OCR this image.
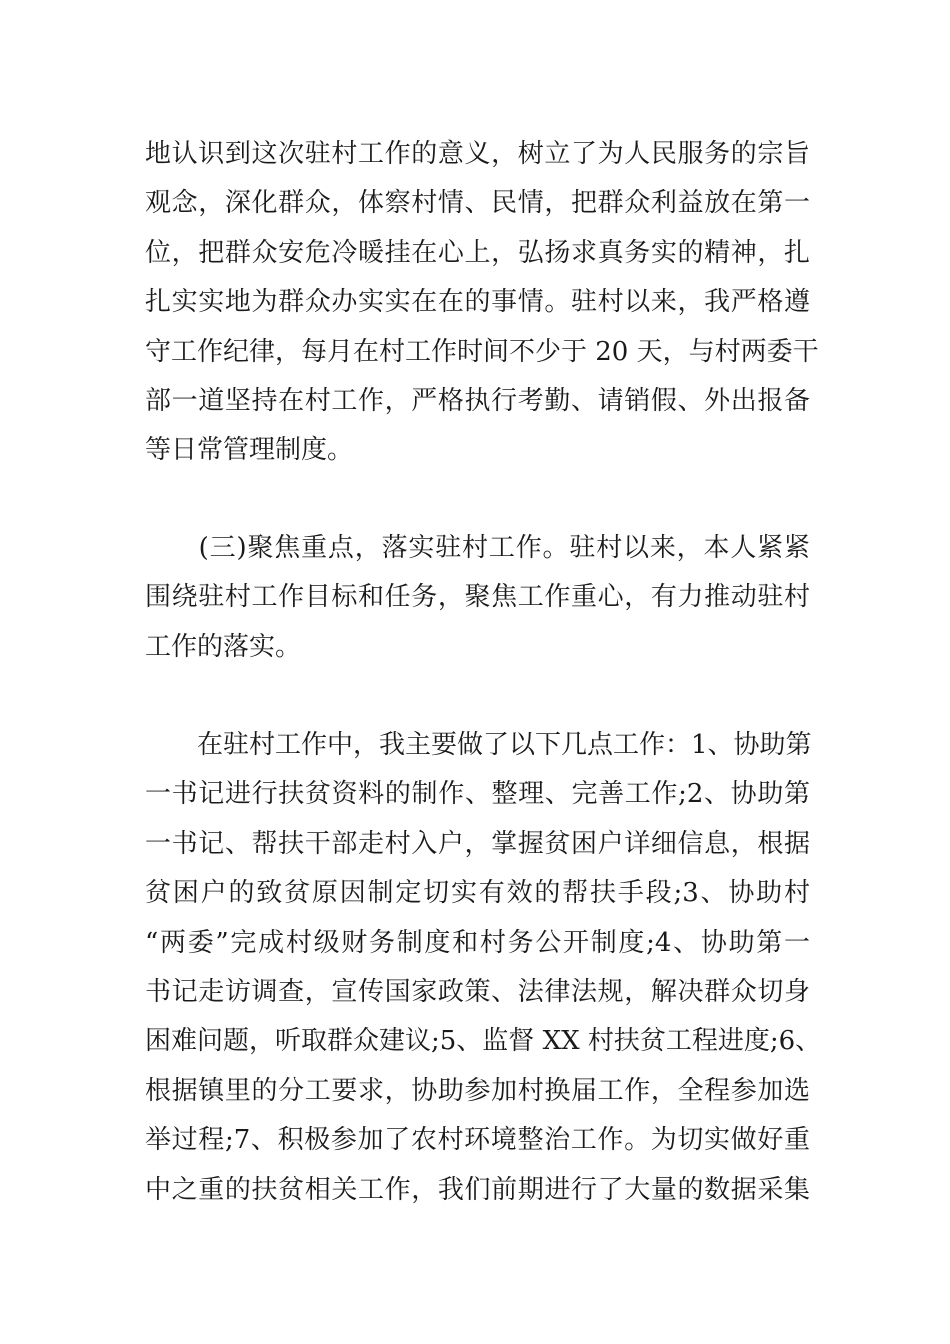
地认识到这次驻村工作的意义，树立了为人民服务的宗旨
观念，深化群众，体察村情、民情，把群众利益放在第一
位，把群众安危冷暖挂在心上，弘扬求真务实的精神，扎
扎实实地为群众办实实在在的事情。驻村以来，我严格遵
守工作纪律，每月在村工作时间不少于 20 天，与村两委干
部一道坚持在村工作，严格执行考勤、请销假、外出报备
等日常管理制度。
　　(三)聚焦重点，落实驻村工作。驻村以来，本人紧紧
围绕驻村工作目标和任务，聚焦工作重心，有力推动驻村
工作的落实。
　　在驻村工作中，我主要做了以下几点工作：1、协助第
一书记进行扶贫资料的制作、整理、完善工作;2、协助第
一书记、帮扶干部走村入户，掌握贫困户详细信息，根据
贫困户的致贫原因制定切实有效的帮扶手段;3、协助村
“两委”完成村级财务制度和村务公开制度;4、协助第一
书记走访调查，宣传国家政策、法律法规，解决群众切身
困难问题，听取群众建议;5、监督 XX 村扶贫工程进度;6、
根据镇里的分工要求，协助参加村换届工作，全程参加选
举过程;7、积极参加了农村环境整治工作。为切实做好重
中之重的扶贫相关工作，我们前期进行了大量的数据采集
